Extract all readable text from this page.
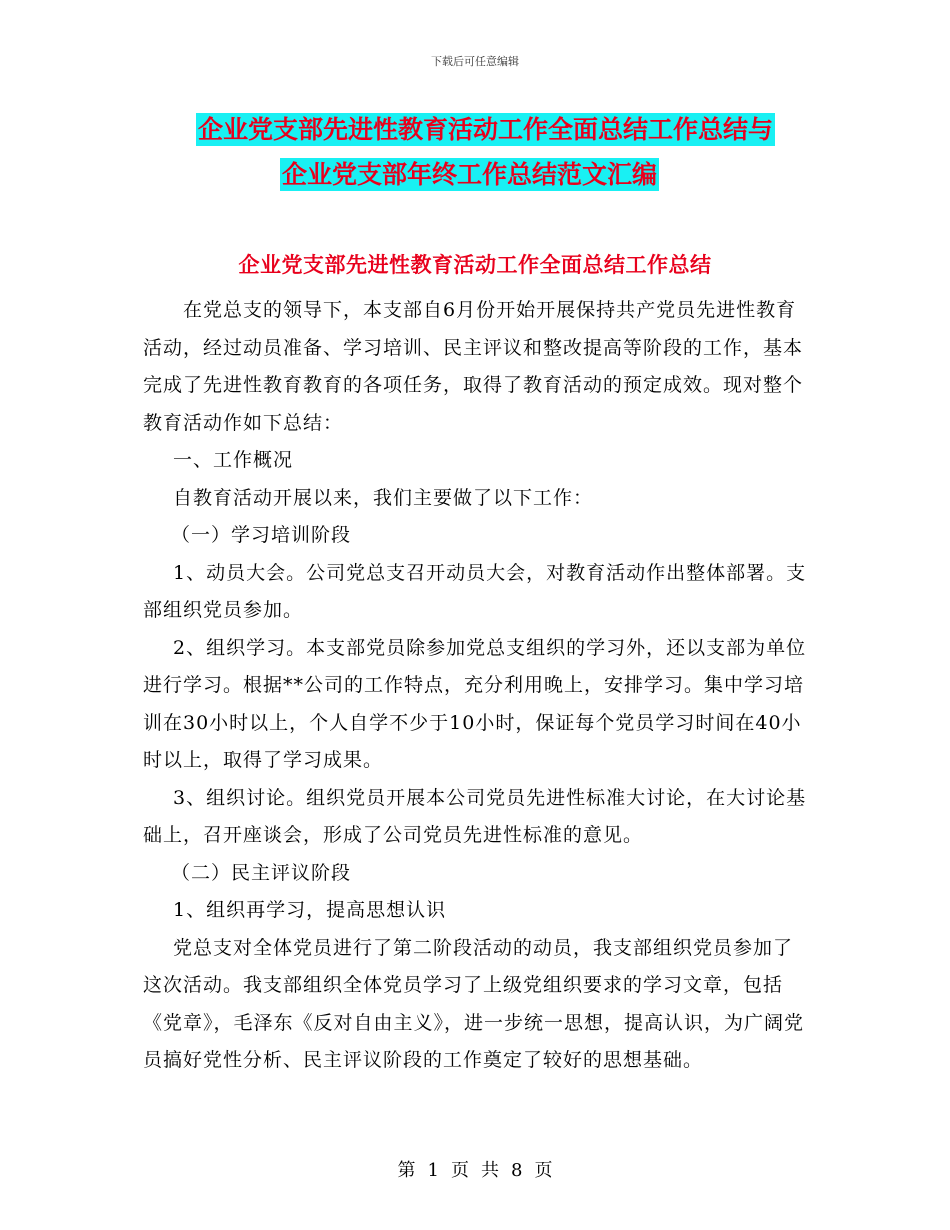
下载后可任意编辑
企业党支部先进性教育活动工作全面总结工作总结与
企业党支部年终工作总结范文汇编
企业党支部先进性教育活动工作全面总结工作总结

在党总支的领导下，本支部自6月份开始开展保持共产党员先进性教育活动，经过动员准备、学习培训、民主评议和整改提高等阶段的工作，基本完成了先进性教育教育的各项任务，取得了教育活动的预定成效。现对整个教育活动作如下总结：

一、工作概况

自教育活动开展以来，我们主要做了以下工作：

（一）学习培训阶段

1、动员大会。公司党总支召开动员大会，对教育活动作出整体部署。支部组织党员参加。

2、组织学习。本支部党员除参加党总支组织的学习外，还以支部为单位进行学习。根据**公司的工作特点，充分利用晚上，安排学习。集中学习培训在30小时以上，个人自学不少于10小时，保证每个党员学习时间在40小时以上，取得了学习成果。

3、组织讨论。组织党员开展本公司党员先进性标准大讨论，在大讨论基础上，召开座谈会，形成了公司党员先进性标准的意见。

（二）民主评议阶段

1、组织再学习，提高思想认识

党总支对全体党员进行了第二阶段活动的动员，我支部组织党员参加了这次活动。我支部组织全体党员学习了上级党组织要求的学习文章，包括《党章》，毛泽东《反对自由主义》，进一步统一思想，提高认识，为广阔党员搞好党性分析、民主评议阶段的工作奠定了较好的思想基础。

第 1 页 共 8 页
